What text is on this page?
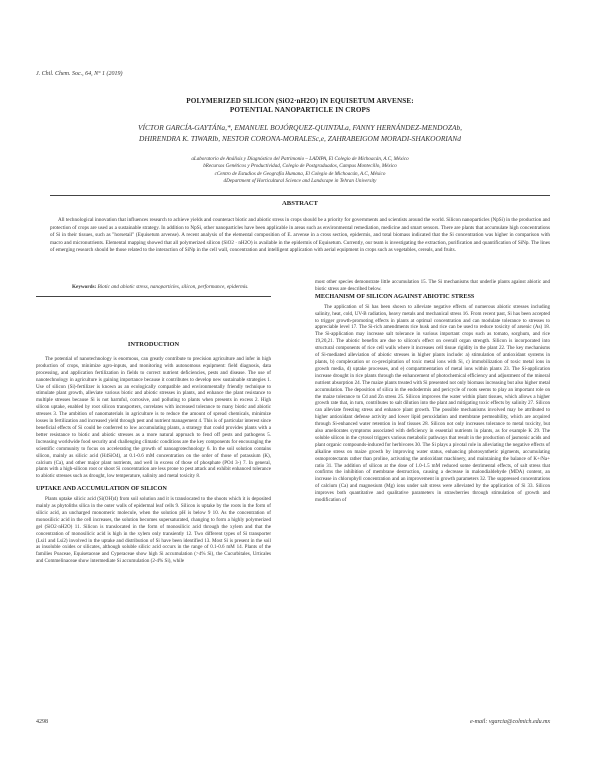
J. Chil. Chem. Soc., 64, N° 1 (2019)
POLYMERIZED SILICON (SiO2·nH2O) IN EQUISETUM ARVENSE:
POTENTIAL NANOPARTICLE IN CROPS
VÍCTOR GARCÍA-GAYTÁNa,*, EMANUEL BOJÓRQUEZ-QUINTALa, FANNY HERNÁNDEZ-MENDOZAb,
DHIRENDRA K. TIWARIb, NESTOR CORONA-MORALESc,e, ZAHRABEIGOM MORADI-SHAKOORIANd
aLaboratorio de Análisis y Diagnóstico del Patrimonio – LADIPA, El Colegio de Michoacán, A.C, México
bRecursos Genéticos y Productividad, Colegio de Postgraduados, Campus Montecillo, México
cCentro de Estudios de Geografía Humana, El Colegio de Michoacán, A.C, México
dDepartment of Horticultural Science and Landscape in Tehran University
ABSTRACT

All technological innovation that influences research to achieve yields and counteract biotic and abiotic stress in crops should be a priority for governments and scientists around the world. Silicon nanoparticles (NpSi) in the production and protection of crops are used as a sustainable strategy. In addition to NpSi, other nanoparticles have been applicable in areas such as environmental remediation, medicine and smart sensors. There are plants that accumulate high concentrations of Si in their tissues, such as "horsetail" (Equisetum arvense). A recent analysis of the elemental composition of E. arvense in a cross section, epidermis, and total biomass indicated that the Si concentration was higher in comparison with macro and micronutrients. Elemental mapping showed that all polymerized silicon (SiO2 · nH2O) is available in the epidermis of Equisetum. Currently, our team is investigating the extraction, purification and quantification of SiNp. The lines of emerging research should be those related to the interaction of SiNp in the cell wall, concentration and intelligent application with aerial equipment in crops such as vegetables, cereals, and fruits.

Keywords: Biotic and abiotic stress, nanoparticles, silicon, performance, epidermis.
INTRODUCTION

The potential of nanotechnology is enormous, can greatly contribute to precision agriculture and infer in high production of crops, minimize agro-inputs, and monitoring with autonomous equipment: field diagnosis, data processing, and application fertilization in fields to correct nutrient deficiencies, pests and disease. The use of nanotechnology in agriculture is gaining importance because it contributes to develop new sustainable strategies 1. Use of silicon (Si)-fertilizer is known as an ecologically compatible and environmentally friendly technique to stimulate plant growth, alleviate various biotic and abiotic stresses in plants, and enhance the plant resistance to multiple stresses because Si is not harmful, corrosive, and polluting to plants when presents in excess 2. High silicon uptake, enabled by root silicon transporters, correlates with increased tolerance to many biotic and abiotic stresses 3. The ambition of nanomaterials in agriculture is to reduce the amount of spread chemicals, minimize losses in fertilization and increased yield through pest and nutrient management 4. This is of particular interest since beneficial effects of Si could be conferred to low accumulating plants, a strategy that could provides plants with a better resistance to biotic and abiotic stresses as a more natural approach to fend off pests and pathogens 5. Increasing worldwide food security and challenging climatic conditions are the key components for encouraging the scientific community to focus on accelerating the growth of nanoagrotechnology 6. In the soil solution contains silicon, mainly as silicic acid (H4SiO4), at 0.1-0.6 mM concentration on the order of those of potassium (K), calcium (Ca), and other major plant nutrients, and well in excess of those of phosphate (PO4 3-) 7. In general, plants with a high-silicon root or shoot Si concentration are less prone to pest attack and exhibit enhanced tolerance to abiotic stresses such as drought, low temperature, salinity and metal toxicity 8.

UPTAKE AND ACCUMULATION OF SILICON

Plants uptake silicic acid (Si(OH)4) from soil solution and it is translocated to the shoots which it is deposited mainly as phytoliths silica in the outer walls of epidermal leaf cells 9. Silicon is uptake by the roots in the form of silicic acid, an uncharged monomeric molecule, when the solution pH is below 9 10. As the concentration of monosilicic acid in the cell increases, the solution becomes supersaturated, changing to form a highly polymerized gel (SiO2·nH2O) 11. Silicon is translocated in the form of monosilicic acid through the xylem and that the concentration of monosilicic acid is high in the xylem only transiently 12. Two different types of Si transporter (Lsi1 and Lsi2) involved in the uptake and distribution of Si have been identified 13. Most Si is present in the soil as insoluble oxides or silicates, although soluble silicic acid occurs in the range of 0.1-0.6 mM 14. Plants of the families Poaceae, Equisetaceae and Cyperaceae show high Si accumulation (>4% Si), the Cucurbitales, Urticales and Commelinaceae show intermediate Si accumulation (2-4% Si), while

most other species demonstrate little accumulation 15. The Si mechanisms that underlie plants against abiotic and biotic stress are described below.

MECHANISM OF SILICON AGAINST ABIOTIC STRESS

The application of Si has been shown to alleviate negative effects of numerous abiotic stresses including salinity, heat, cold, UV-B radiation, heavy metals and mechanical stress 16. From recent past, Si has been accepted to trigger growth-promoting effects in plants at optimal concentration and can modulate tolerance to stresses to appreciable level 17. The Si-rich amendments rice husk and rice can be used to reduce toxicity of arsenic (As) 18. The Si-application may increase salt tolerance in various important crops such as tomato, sorghum, and rice 19,20,21. The abiotic benefits are due to silicon's effect on overall organ strength. Silicon is incorporated into structural components of rice cell walls where it increases cell tissue rigidity in the plant 22. The key mechanisms of Si-mediated alleviation of abiotic stresses in higher plants include: a) stimulation of antioxidant systems in plants, b) complexation or co-precipitation of toxic metal ions with Si, c) immobilization of toxic metal ions in growth media, d) uptake processes, and e) compartmentation of metal ions within plants 23. The Si-application increase drought in rice plants through the enhancement of photochemical efficiency and adjustment of the mineral nutrient absorption 24. The maize plants treated with Si presented not only biomass increasing but also higher metal accumulation. The deposition of silica in the endodermis and pericycle of roots seems to play an important role on the maize tolerance to Cd and Zn stress 25. Silicon improves the water within plant tissues, which allows a higher growth rate that, in turn, contributes to salt dilution into the plant and mitigating toxic effects by salinity 27. Silicon can alleviate freezing stress and enhance plant growth. The possible mechanisms involved may be attributed to higher antioxidant defense activity and lower lipid peroxidation and membrane permeability, which are acquired through Si-enhanced water retention in leaf tissues 28. Silicon not only increases tolerance to metal toxicity, but also ameliorates symptoms associated with deficiency in essential nutrients in plants, as for example K 29. The soluble silicon in the cytosol triggers various metabolic pathways that result in the production of jasmonic acids and plant organic compounds-induced for herbivores 30. The Si plays a pivotal role in alleviating the negative effects of alkaline stress on maize growth by improving water status, enhancing photosynthetic pigments, accumulating osmoprotectants rather than proline, activating the antioxidant machinery, and maintaining the balance of K+/Na+ ratio 31. The addition of silicon at the dose of 1.0-1.5 mM reduced some detrimental effects, of salt stress that confirms the inhibition of membrane destruction, causing a decrease in malondialdehyde (MDA) content, an increase in chlorophyll concentration and an improvement in growth parameters 32. The suppressed concentrations of calcium (Ca) and magnesium (Mg) ions under salt stress were alleviated by the application of Si 33. Silicon improves both quantitative and qualitative parameters in strawberries through stimulation of growth and modification of

4298	e-mail: vgarcia@colmich.edu.mx
